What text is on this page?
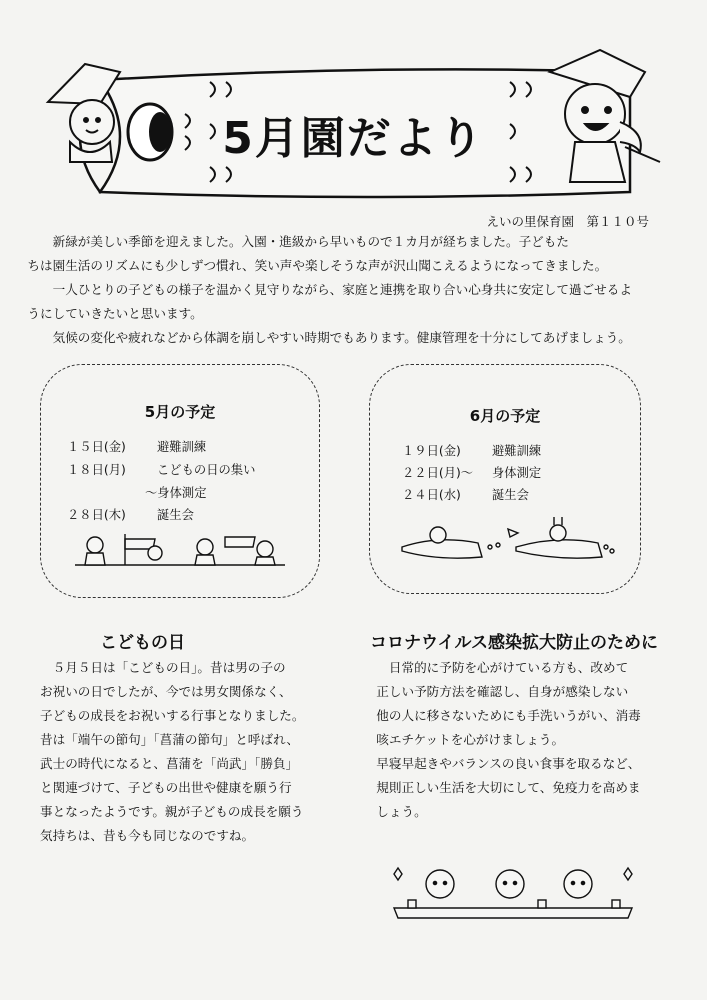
5月園だより
えいの里保育園　第１１０号

新緑が美しい季節を迎えました。入園・進級から早いもので１カ月が経ちました。子どもた
ちは園生活のリズムにも少しずつ慣れ、笑い声や楽しそうな声が沢山聞こえるようになってきました。

一人ひとりの子どもの様子を温かく見守りながら、家庭と連携を取り合い心身共に安定して過ごせるよ
うにしていきたいと思います。

気候の変化や疲れなどから体調を崩しやすい時期でもあります。健康管理を十分にしてあげましょう。

5月の予定
１５日(金)	避難訓練
１８日(月)	こどもの日の集い
～身体測定
２８日(木)	誕生会
6月の予定
１９日(金)	避難訓練
２２日(月)～ 身体測定
２４日(水)	誕生会
こどもの日
５月５日は「こどもの日」。昔は男の子の
お祝いの日でしたが、今では男女関係なく、
子どもの成長をお祝いする行事となりました。
昔は「端午の節句」「菖蒲の節句」と呼ばれ、
武士の時代になると、菖蒲を「尚武」「勝負」
と関連づけて、子どもの出世や健康を願う行
事となったようです。親が子どもの成長を願う
気持ちは、昔も今も同じなのですね。
コロナウイルス感染拡大防止のために
日常的に予防を心がけている方も、改めて
正しい予防方法を確認し、自身が感染しない
他の人に移さないためにも手洗いうがい、消毒
咳エチケットを心がけましょう。
早寝早起きやバランスの良い食事を取るなど、
規則正しい生活を大切にして、免疫力を高めま
しょう。
